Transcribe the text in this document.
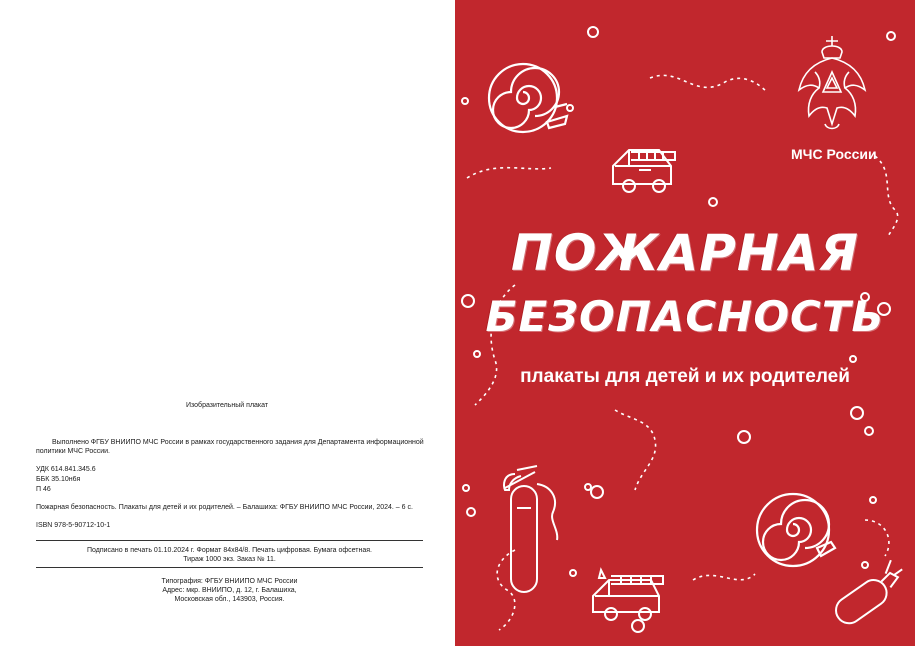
Изобразительный плакат
Выполнено ФГБУ ВНИИПО МЧС России в рамках государственного задания для Департамента информационной
политики МЧС России.
УДК 614.841.345.6
ББК 35.10н6я
П 46
Пожарная безопасность. Плакаты для детей и их родителей. – Балашиха: ФГБУ ВНИИПО МЧС России, 2024. – 6 с.
ISBN 978-5-90712-10-1
Подписано в печать 01.10.2024 г. Формат 84х84/8. Печать цифровая. Бумага офсетная.
Тираж 1000 экз. Заказ № 11.
Типография: ФГБУ ВНИИПО МЧС России
Адрес: мкр. ВНИИПО, д. 12, г. Балашиха,
Московская обл., 143903, Россия.
МЧС России
ПОЖАРНАЯ
БЕЗОПАСНОСТЬ
плакаты для детей и их родителей
